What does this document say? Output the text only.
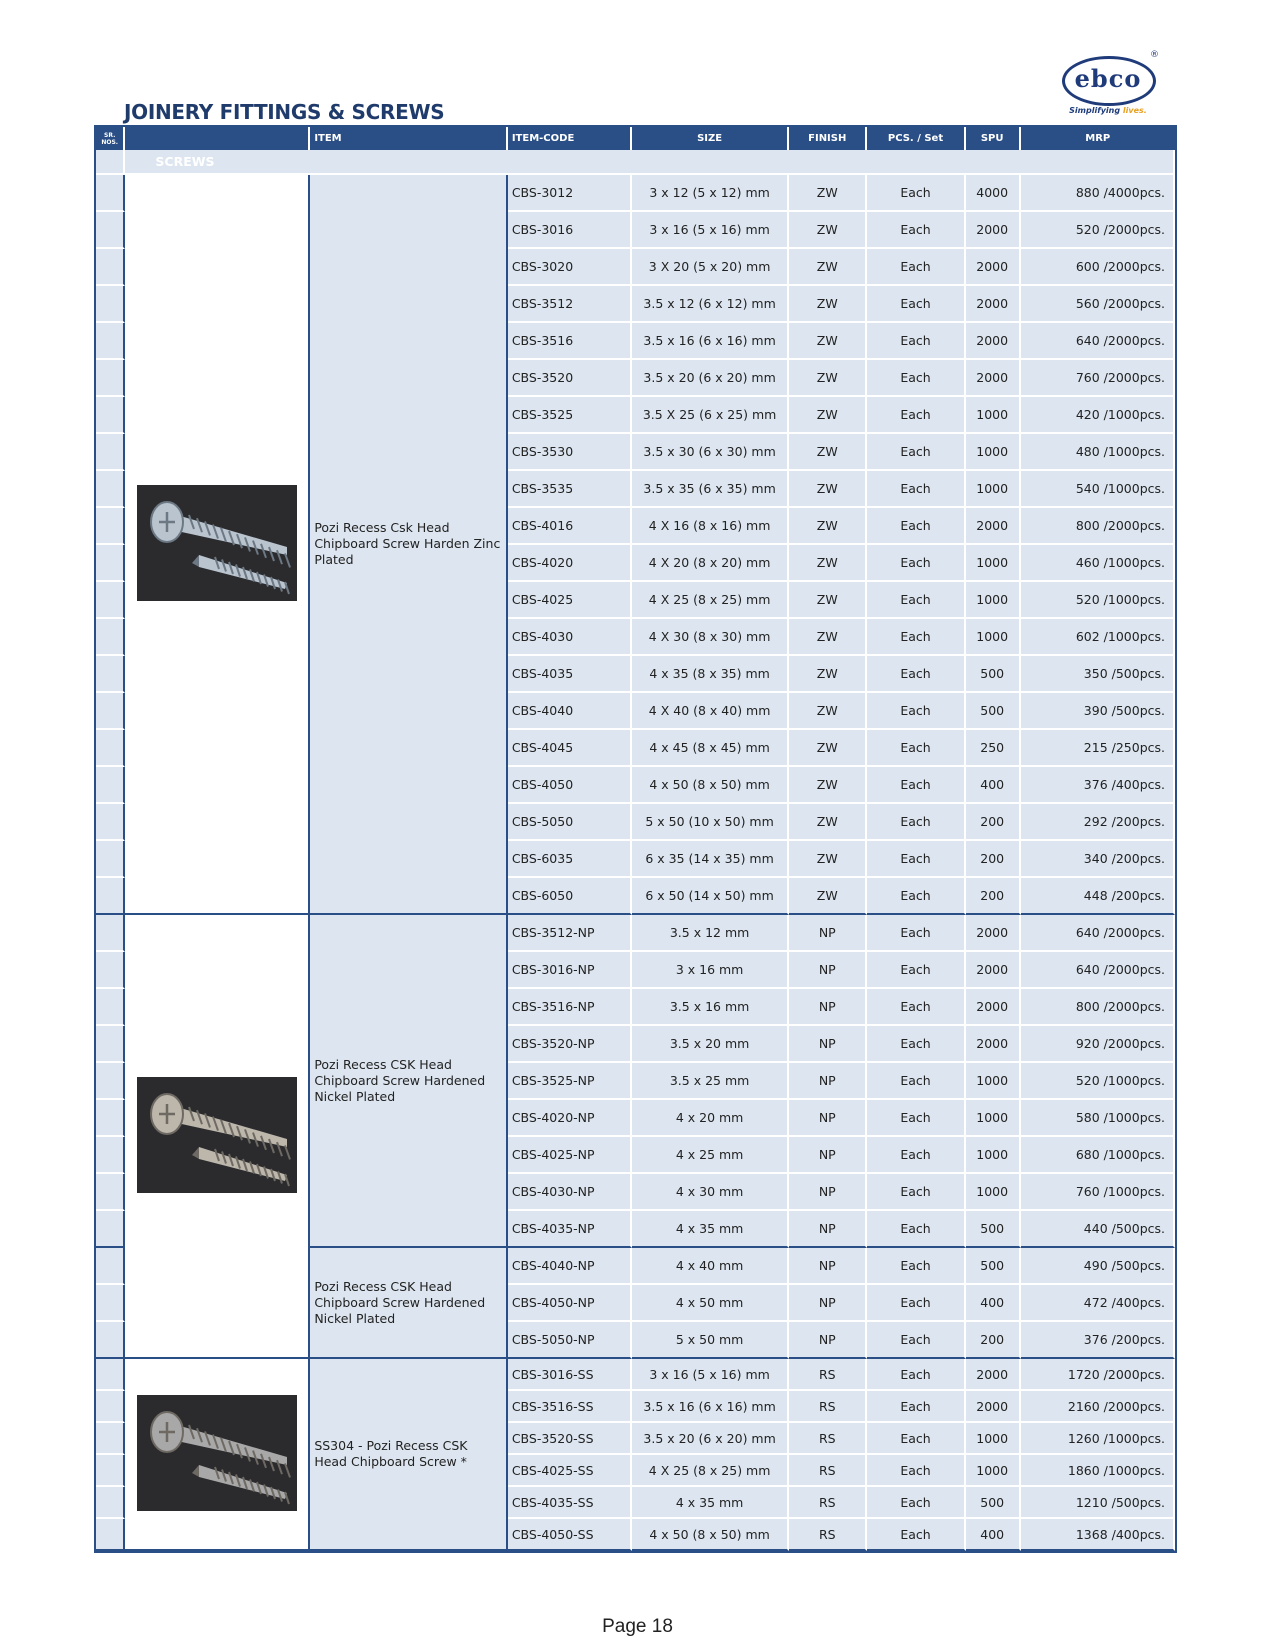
JOINERY FITTINGS & SCREWS
ebco
®
Simplifying lives.
SR. NOS.		ITEM	ITEM-CODE	SIZE	FINISH	PCS. / Set	SPU	MRP
	SCREWS							
		Pozi Recess Csk Head Chipboard Screw Harden Zinc Plated	CBS-3012	3 x 12 (5 x 12) mm	ZW	Each	4000	880 /4000pcs.
			CBS-3016	3 x 16 (5 x 16) mm	ZW	Each	2000	520 /2000pcs.
			CBS-3020	3 X 20 (5 x 20) mm	ZW	Each	2000	600 /2000pcs.
			CBS-3512	3.5 x 12 (6 x 12) mm	ZW	Each	2000	560 /2000pcs.
			CBS-3516	3.5 x 16 (6 x 16) mm	ZW	Each	2000	640 /2000pcs.
			CBS-3520	3.5 x 20 (6 x 20) mm	ZW	Each	2000	760 /2000pcs.
			CBS-3525	3.5 X 25 (6 x 25) mm	ZW	Each	1000	420 /1000pcs.
			CBS-3530	3.5 x 30 (6 x 30) mm	ZW	Each	1000	480 /1000pcs.
			CBS-3535	3.5 x 35 (6 x 35) mm	ZW	Each	1000	540 /1000pcs.
			CBS-4016	4 X 16 (8 x 16) mm	ZW	Each	2000	800 /2000pcs.
			CBS-4020	4 X 20 (8 x 20) mm	ZW	Each	1000	460 /1000pcs.
			CBS-4025	4 X 25 (8 x 25) mm	ZW	Each	1000	520 /1000pcs.
			CBS-4030	4 X 30 (8 x 30) mm	ZW	Each	1000	602 /1000pcs.
			CBS-4035	4 x 35 (8 x 35) mm	ZW	Each	500	350 /500pcs.
			CBS-4040	4 X 40 (8 x 40) mm	ZW	Each	500	390 /500pcs.
			CBS-4045	4 x 45 (8 x 45) mm	ZW	Each	250	215 /250pcs.
			CBS-4050	4 x 50 (8 x 50) mm	ZW	Each	400	376 /400pcs.
			CBS-5050	5 x 50 (10 x 50) mm	ZW	Each	200	292 /200pcs.
			CBS-6035	6 x 35 (14 x 35) mm	ZW	Each	200	340 /200pcs.
			CBS-6050	6 x 50 (14 x 50) mm	ZW	Each	200	448 /200pcs.
		Pozi Recess CSK Head Chipboard Screw Hardened Nickel Plated	CBS-3512-NP	3.5 x 12 mm	NP	Each	2000	640 /2000pcs.
			CBS-3016-NP	3 x 16 mm	NP	Each	2000	640 /2000pcs.
			CBS-3516-NP	3.5 x 16 mm	NP	Each	2000	800 /2000pcs.
			CBS-3520-NP	3.5 x 20 mm	NP	Each	2000	920 /2000pcs.
			CBS-3525-NP	3.5 x 25 mm	NP	Each	1000	520 /1000pcs.
			CBS-4020-NP	4 x 20 mm	NP	Each	1000	580 /1000pcs.
			CBS-4025-NP	4 x 25 mm	NP	Each	1000	680 /1000pcs.
			CBS-4030-NP	4 x 30 mm	NP	Each	1000	760 /1000pcs.
			CBS-4035-NP	4 x 35 mm	NP	Each	500	440 /500pcs.
		Pozi Recess CSK Head Chipboard Screw Hardened Nickel Plated	CBS-4040-NP	4 x 40 mm	NP	Each	500	490 /500pcs.
			CBS-4050-NP	4 x 50 mm	NP	Each	400	472 /400pcs.
			CBS-5050-NP	5 x 50 mm	NP	Each	200	376 /200pcs.
		SS304 - Pozi Recess CSK Head Chipboard Screw *	CBS-3016-SS	3 x 16 (5 x 16) mm	RS	Each	2000	1720 /2000pcs.
			CBS-3516-SS	3.5 x 16 (6 x 16) mm	RS	Each	2000	2160 /2000pcs.
			CBS-3520-SS	3.5 x 20 (6 x 20) mm	RS	Each	1000	1260 /1000pcs.
			CBS-4025-SS	4 X 25 (8 x 25) mm	RS	Each	1000	1860 /1000pcs.
			CBS-4035-SS	4 x 35 mm	RS	Each	500	1210 /500pcs.
			CBS-4050-SS	4 x 50 (8 x 50) mm	RS	Each	400	1368 /400pcs.
Page 18
